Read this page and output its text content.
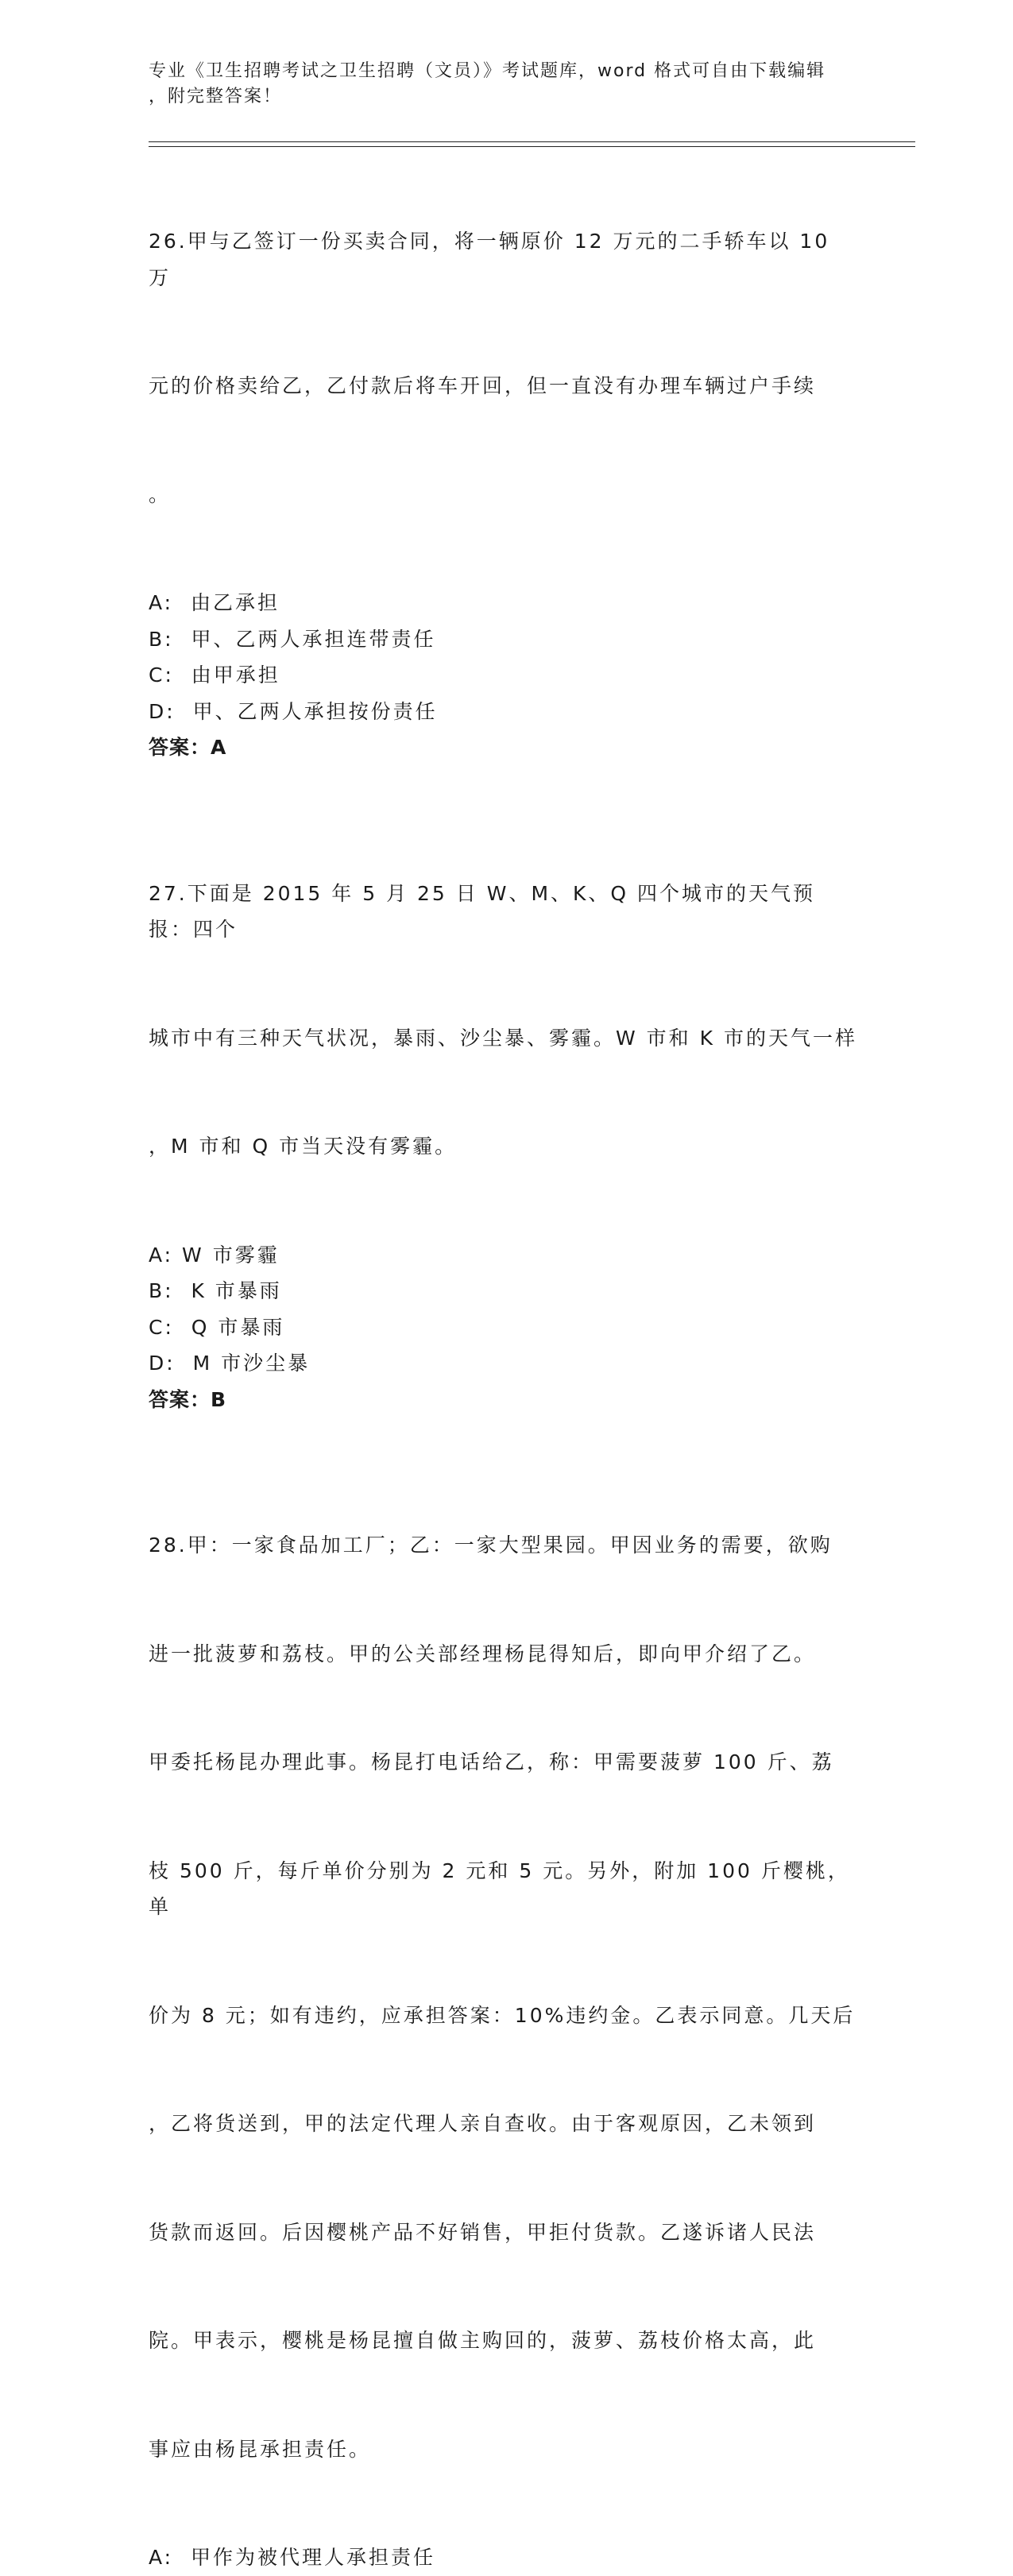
专业《卫生招聘考试之卫生招聘（文员）》考试题库，word 格式可自由下载编辑
，附完整答案！

26.甲与乙签订一份买卖合同，将一辆原价 12 万元的二手轿车以 10 万

元的价格卖给乙，乙付款后将车开回，但一直没有办理车辆过户手续

。

A:  由乙承担
B:  甲、乙两人承担连带责任
C:  由甲承担
D:  甲、乙两人承担按份责任
答案：A

27.下面是 2015 年 5 月 25 日 W、M、K、Q 四个城市的天气预报：四个

城市中有三种天气状况，暴雨、沙尘暴、雾霾。W 市和 K 市的天气一样

，M 市和 Q 市当天没有雾霾。

A: W 市雾霾
B:  K 市暴雨
C:  Q 市暴雨
D:  M 市沙尘暴
答案：B

28.甲：一家食品加工厂；乙：一家大型果园。甲因业务的需要，欲购

进一批菠萝和荔枝。甲的公关部经理杨昆得知后，即向甲介绍了乙。

甲委托杨昆办理此事。杨昆打电话给乙，称：甲需要菠萝 100 斤、荔

枝 500 斤，每斤单价分别为 2 元和 5 元。另外，附加 100 斤樱桃，单

价为 8 元；如有违约，应承担答案：10%违约金。乙表示同意。几天后

，乙将货送到，甲的法定代理人亲自查收。由于客观原因，乙未领到

货款而返回。后因樱桃产品不好销售，甲拒付货款。乙遂诉诸人民法

院。甲表示，樱桃是杨昆擅自做主购回的，菠萝、荔枝价格太高，此

事应由杨昆承担责任。

A:  甲作为被代理人承担责任
